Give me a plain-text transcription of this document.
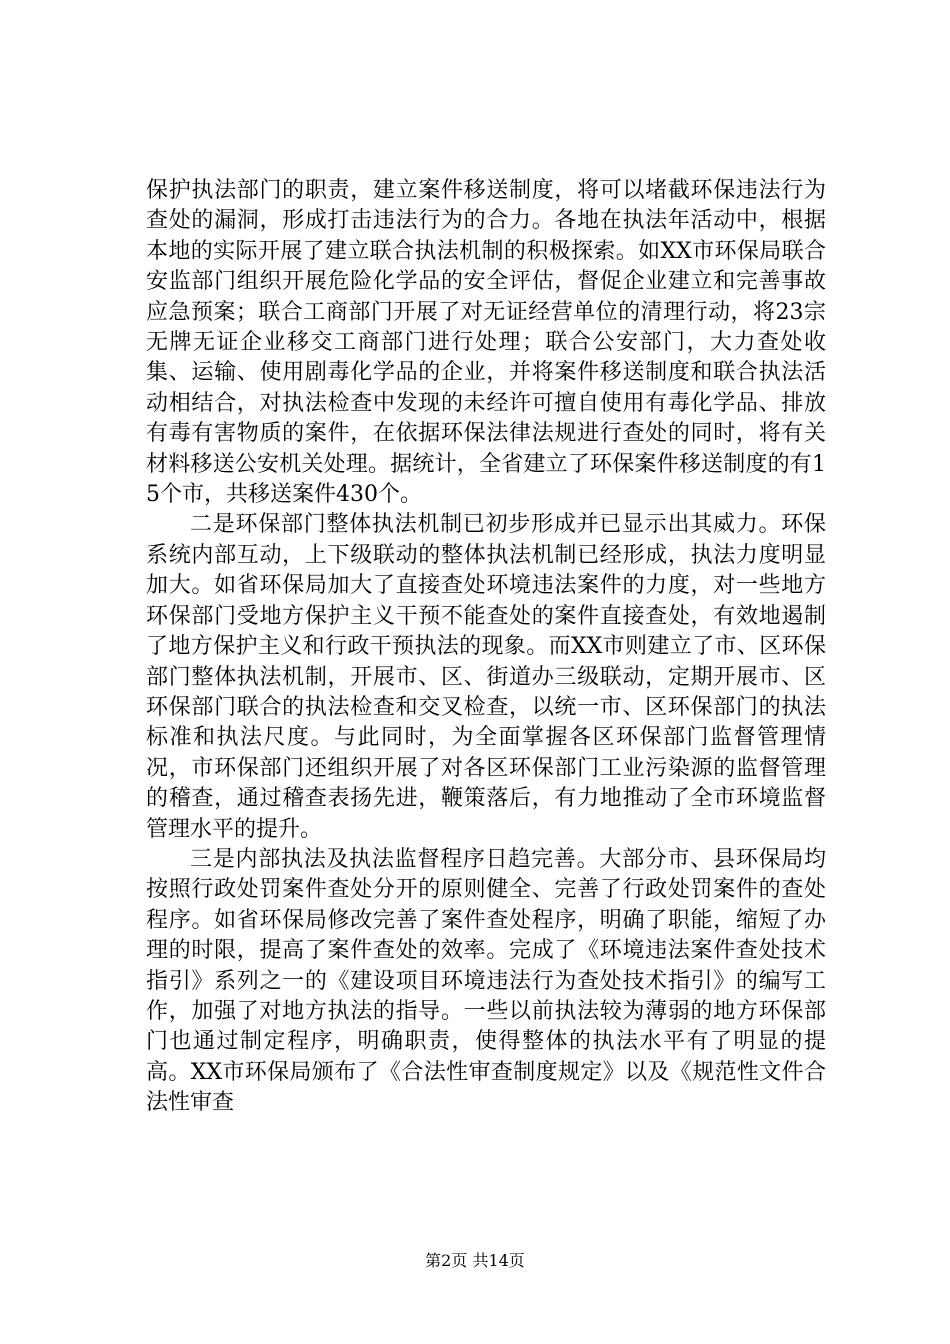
保护执法部门的职责，建立案件移送制度，将可以堵截环保违法行为查处的漏洞，形成打击违法行为的合力。各地在执法年活动中，根据本地的实际开展了建立联合执法机制的积极探索。如XX市环保局联合安监部门组织开展危险化学品的安全评估，督促企业建立和完善事故应急预案；联合工商部门开展了对无证经营单位的清理行动，将23宗无牌无证企业移交工商部门进行处理；联合公安部门，大力查处收集、运输、使用剧毒化学品的企业，并将案件移送制度和联合执法活动相结合，对执法检查中发现的未经许可擅自使用有毒化学品、排放有毒有害物质的案件，在依据环保法律法规进行查处的同时，将有关材料移送公安机关处理。据统计，全省建立了环保案件移送制度的有15个市，共移送案件430个。

二是环保部门整体执法机制已初步形成并已显示出其威力。环保系统内部互动，上下级联动的整体执法机制已经形成，执法力度明显加大。如省环保局加大了直接查处环境违法案件的力度，对一些地方环保部门受地方保护主义干预不能查处的案件直接查处，有效地遏制了地方保护主义和行政干预执法的现象。而XX市则建立了市、区环保部门整体执法机制，开展市、区、街道办三级联动，定期开展市、区环保部门联合的执法检查和交叉检查，以统一市、区环保部门的执法标准和执法尺度。与此同时，为全面掌握各区环保部门监督管理情况，市环保部门还组织开展了对各区环保部门工业污染源的监督管理的稽查，通过稽查表扬先进，鞭策落后，有力地推动了全市环境监督管理水平的提升。

三是内部执法及执法监督程序日趋完善。大部分市、县环保局均按照行政处罚案件查处分开的原则健全、完善了行政处罚案件的查处程序。如省环保局修改完善了案件查处程序，明确了职能，缩短了办理的时限，提高了案件查处的效率。完成了《环境违法案件查处技术指引》系列之一的《建设项目环境违法行为查处技术指引》的编写工作，加强了对地方执法的指导。一些以前执法较为薄弱的地方环保部门也通过制定程序，明确职责，使得整体的执法水平有了明显的提高。XX市环保局颁布了《合法性审查制度规定》以及《规范性文件合法性审查

第2页 共14页
